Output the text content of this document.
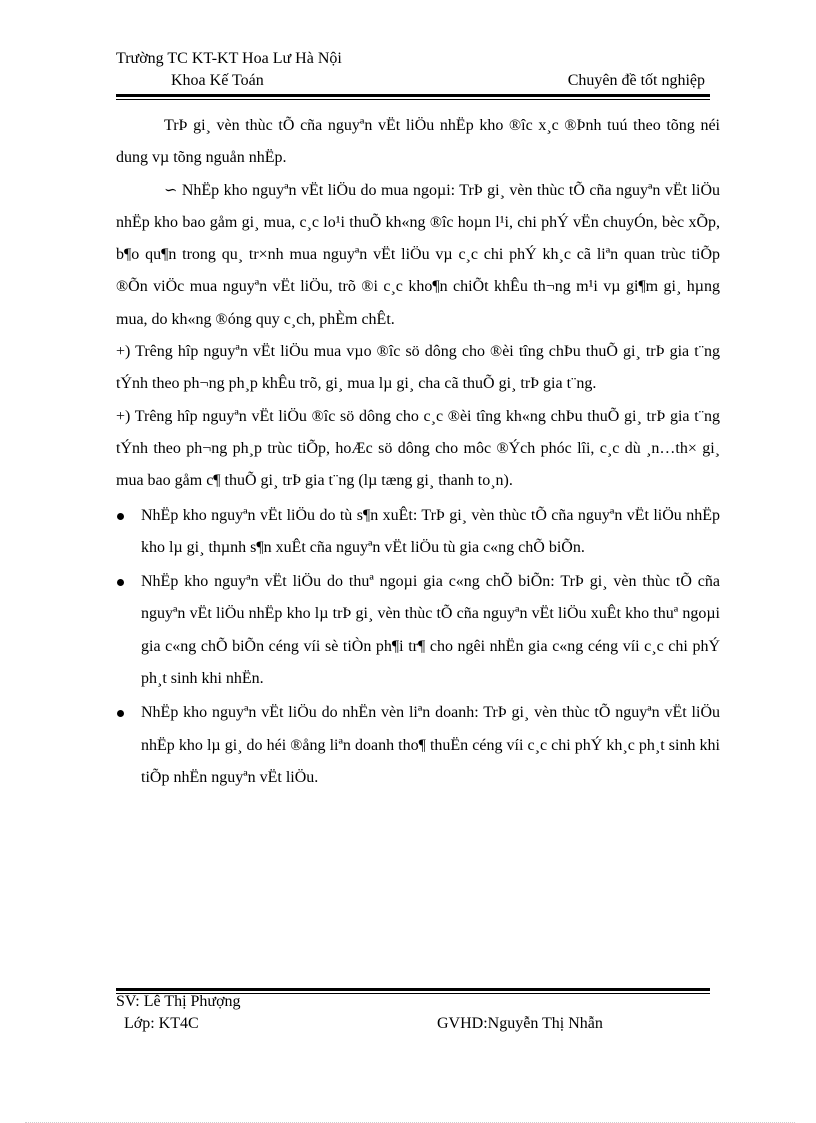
Trường TC KT-KT Hoa Lư Hà Nội
Khoa Kế Toán	Chuyên đề tốt nghiệp

TrÞ gi¸ vèn thùc tÕ cña nguyªn vËt liÖu nhËp kho ®îc x¸c ®Þnh tuú theo tõng néi dung vµ tõng nguån nhËp.

∽ NhËp kho nguyªn vËt liÖu do mua ngoµi: TrÞ gi¸ vèn thùc tÕ cña nguyªn vËt liÖu nhËp kho bao gåm gi¸ mua, c¸c lo¹i thuÕ kh«ng ®îc hoµn l¹i, chi phÝ vËn chuyÓn, bèc xÕp, b¶o qu¶n trong qu¸ tr×nh mua nguyªn vËt liÖu vµ c¸c chi phÝ kh¸c cã liªn quan trùc tiÕp ®Õn viÖc mua nguyªn vËt liÖu, trõ ®i c¸c kho¶n chiÕt khÊu th¬ng m¹i vµ gi¶m gi¸ hµng mua, do kh«ng ®óng quy c¸ch, phÈm chÊt.

+) Trêng hîp nguyªn vËt liÖu mua vµo ®îc sö dông cho ®èi tîng chÞu thuÕ gi¸ trÞ gia t¨ng tÝnh theo ph¬ng ph¸p khÊu trõ, gi¸ mua lµ gi¸ cha cã thuÕ gi¸ trÞ gia t¨ng.

+) Trêng hîp nguyªn vËt liÖu ®îc sö dông cho c¸c ®èi tîng kh«ng chÞu thuÕ gi¸ trÞ gia t¨ng tÝnh theo ph¬ng ph¸p trùc tiÕp, hoÆc sö dông cho môc ®Ých phóc lîi, c¸c dù ¸n…th× gi¸ mua bao gåm c¶ thuÕ gi¸ trÞ gia t¨ng (lµ tæng gi¸ thanh to¸n).

NhËp kho nguyªn vËt liÖu do tù s¶n xuÊt: TrÞ gi¸ vèn thùc tÕ cña nguyªn vËt liÖu nhËp kho lµ gi¸ thµnh s¶n xuÊt cña nguyªn vËt liÖu tù gia c«ng chÕ biÕn.
NhËp kho nguyªn vËt liÖu do thuª ngoµi gia c«ng chÕ biÕn: TrÞ gi¸ vèn thùc tÕ cña nguyªn vËt liÖu nhËp kho lµ trÞ gi¸ vèn thùc tÕ cña nguyªn vËt liÖu xuÊt kho thuª ngoµi gia c«ng chÕ biÕn céng víi sè tiÒn ph¶i tr¶ cho ngêi nhËn gia c«ng céng víi c¸c chi phÝ ph¸t sinh khi nhËn.
NhËp kho nguyªn vËt liÖu do nhËn vèn liªn doanh: TrÞ gi¸ vèn thùc tÕ nguyªn vËt liÖu nhËp kho lµ gi¸ do héi ®ång liªn doanh tho¶ thuËn céng víi c¸c chi phÝ kh¸c ph¸t sinh khi tiÕp nhËn nguyªn vËt liÖu.
SV: Lê Thị Phượng
Lớp: KT4C	GVHD:Nguyễn Thị Nhẫn
